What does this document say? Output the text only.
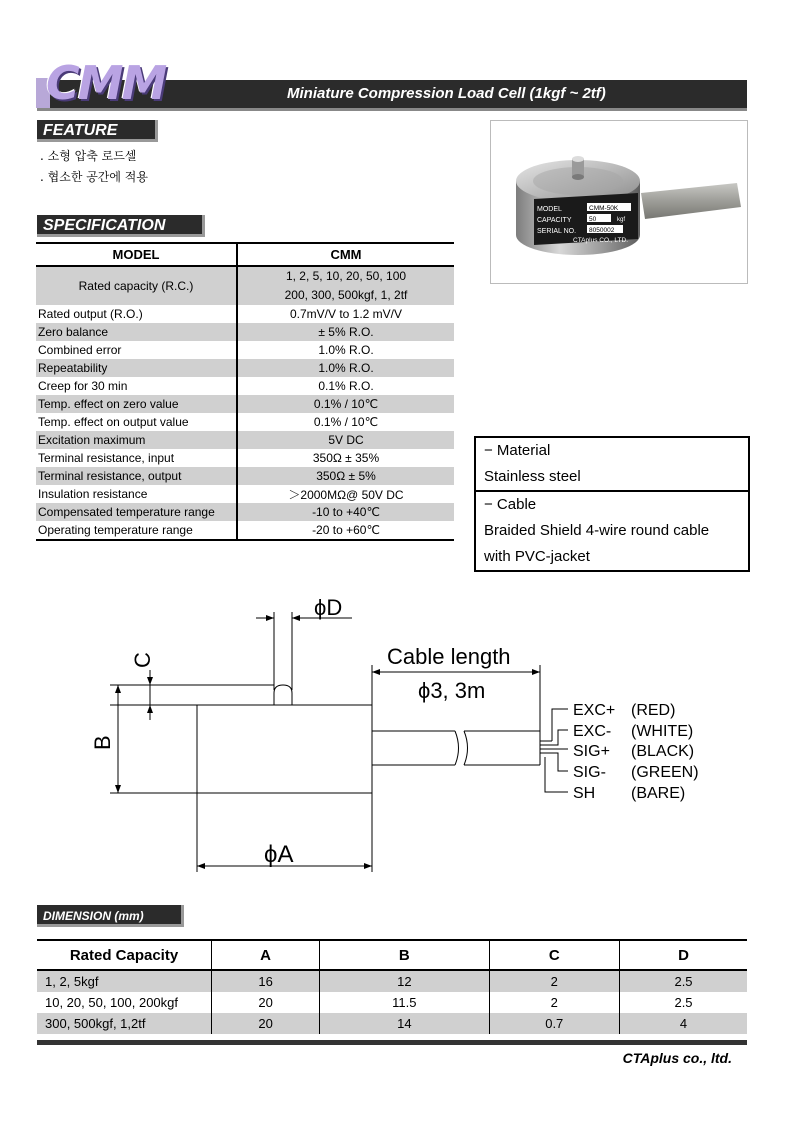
Miniature Compression Load Cell (1kgf ~ 2tf)
CMM
FEATURE
. 소형 압축 로드셀
. 협소한 공간에 적용
SPECIFICATION
MODEL	CMM
Rated capacity (R.C.)	1, 2, 5, 10, 20, 50, 100
200, 300, 500kgf, 1, 2tf

Rated output (R.O.)	0.7mV/V to 1.2 mV/V
Zero balance	± 5% R.O.
Combined error	1.0% R.O.
Repeatability	1.0% R.O.
Creep for 30 min	0.1% R.O.
Temp. effect on zero value	0.1% / 10℃
Temp. effect on output value	0.1% / 10℃
Excitation maximum	5V DC
Terminal resistance, input	350Ω ± 35%
Terminal resistance, output	350Ω ± 5%
Insulation resistance	＞2000MΩ@ 50V DC
Compensated temperature range	-10 to +40℃
Operating temperature range	-20 to +60℃
MODEL	CMM-50K
CAPACITY	50	kgf
SERIAL NO. 8050002
CTAplus CO., LTD.
− Material
Stainless steel
− Cable
Braided Shield 4-wire round cable
with PVC-jacket
ϕD
C
B
ϕA
Cable length
ϕ3, 3m
EXC+ (RED)
EXC- (WHITE)
SIG+ (BLACK)
SIG- (GREEN)
SH (BARE)
DIMENSION (mm)
Rated Capacity	A	B	C	D
1, 2, 5kgf	16	12	2	2.5
10, 20, 50, 100, 200kgf	20	11.5	2	2.5
300, 500kgf, 1,2tf	20	14	0.7	4
CTAplus co., ltd.
